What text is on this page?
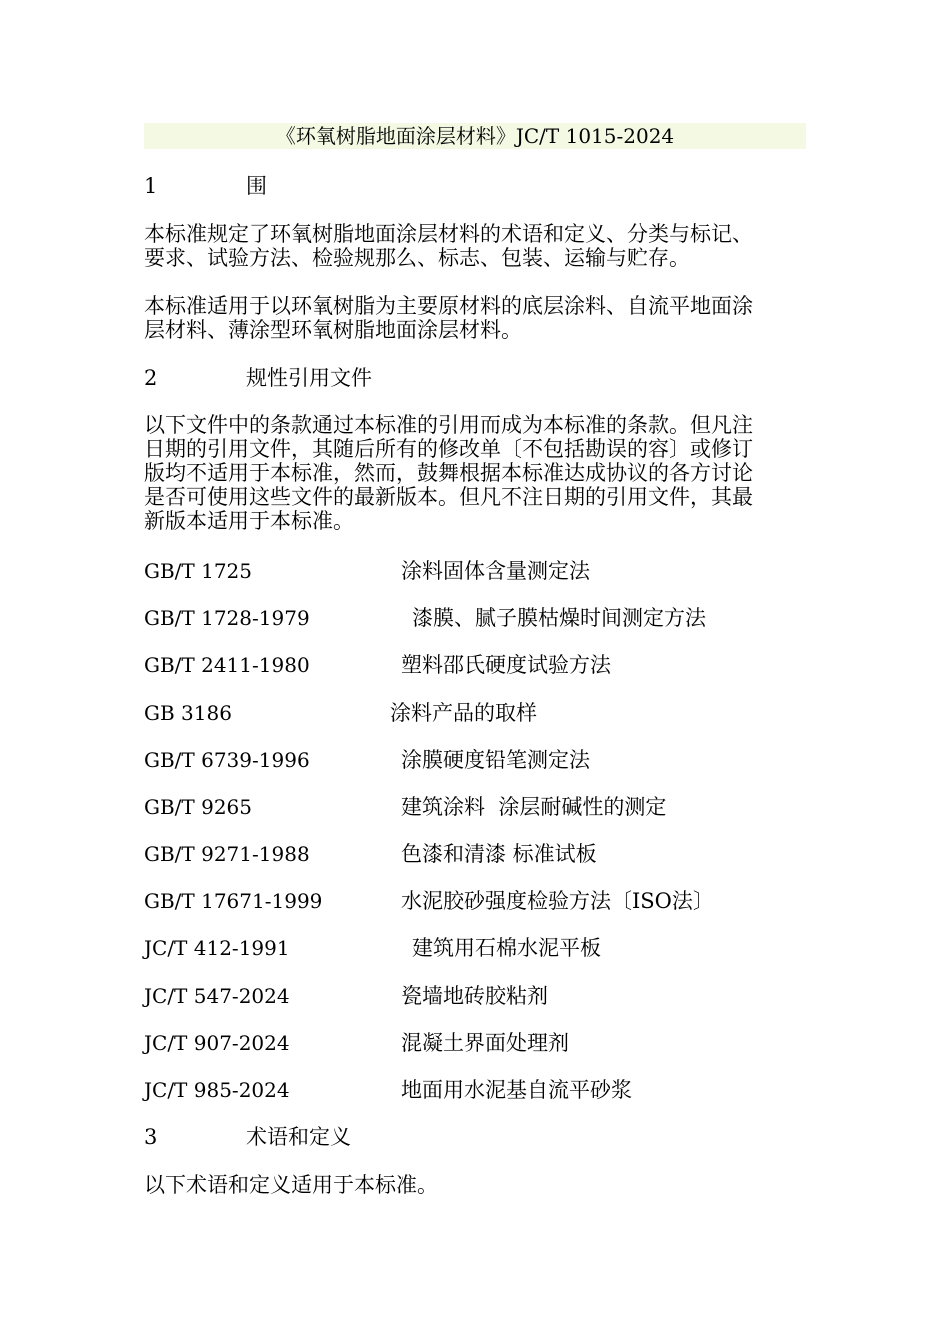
《环氧树脂地面涂层材料》JC/T 1015-2024
1	围

本标准规定了环氧树脂地面涂层材料的术语和定义、分类与标记、

要求、试验方法、检验规那么、标志、包装、运输与贮存。

本标准适用于以环氧树脂为主要原材料的底层涂料、自流平地面涂

层材料、薄涂型环氧树脂地面涂层材料。

2	规性引用文件

以下文件中的条款通过本标准的引用而成为本标准的条款。但凡注

日期的引用文件，其随后所有的修改单〔不包括勘误的容〕或修订

版均不适用于本标准，然而，鼓舞根据本标准达成协议的各方讨论

是否可使用这些文件的最新版本。但凡不注日期的引用文件，其最

新版本适用于本标准。

GB/T 1725	涂料固体含量测定法
GB/T 1728-1979	漆膜、腻子膜枯燥时间测定方法
GB/T 2411-1980	塑料邵氏硬度试验方法
GB 3186	涂料产品的取样
GB/T 6739-1996	涂膜硬度铅笔测定法
GB/T 9265	建筑涂料  涂层耐碱性的测定
GB/T 9271-1988	色漆和清漆 标准试板
GB/T 17671-1999	水泥胶砂强度检验方法〔ISO法〕
JC/T 412-1991	建筑用石棉水泥平板
JC/T 547-2024	瓷墙地砖胶粘剂
JC/T 907-2024	混凝土界面处理剂
JC/T 985-2024	地面用水泥基自流平砂浆
3	术语和定义
以下术语和定义适用于本标准。
